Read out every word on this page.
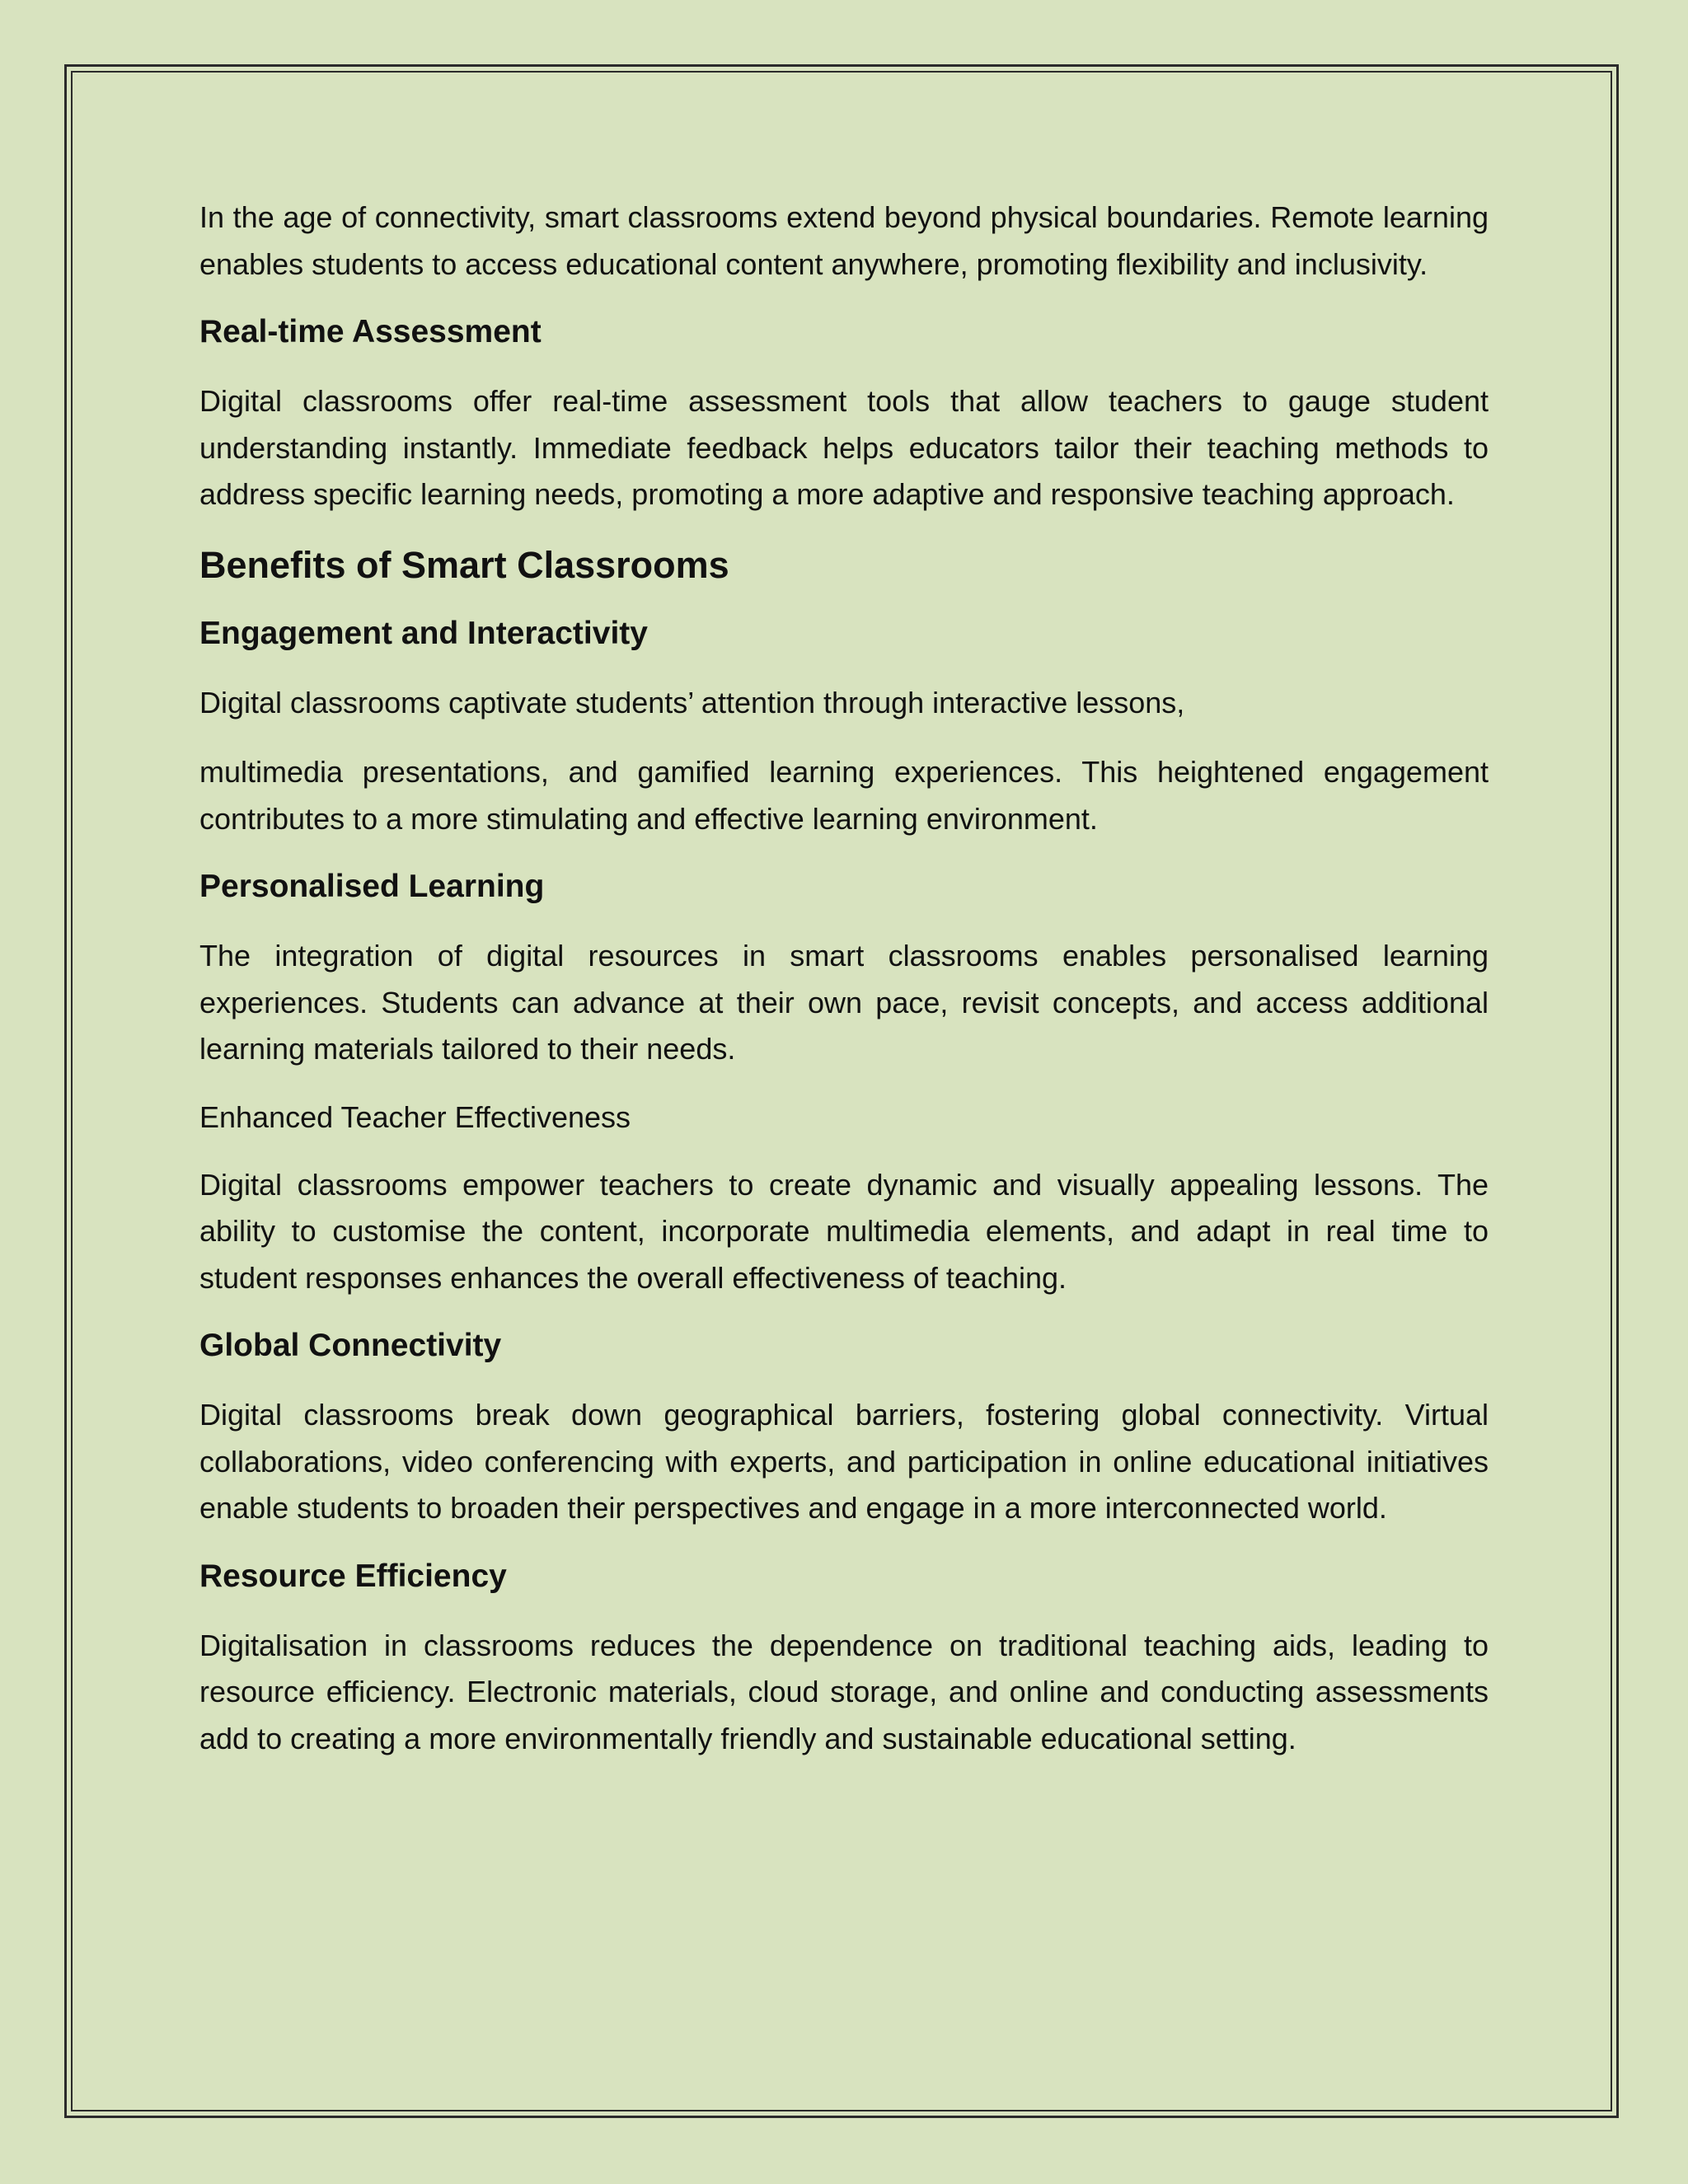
In the age of connectivity, smart classrooms extend beyond physical boundaries. Remote learning enables students to access educational content anywhere, promoting flexibility and inclusivity.

Real-time Assessment

Digital classrooms offer real-time assessment tools that allow teachers to gauge student understanding instantly. Immediate feedback helps educators tailor their teaching methods to address specific learning needs, promoting a more adaptive and responsive teaching approach.

Benefits of Smart Classrooms
Engagement and Interactivity

Digital classrooms captivate students’ attention through interactive lessons,

multimedia presentations, and gamified learning experiences. This heightened engagement contributes to a more stimulating and effective learning environment.

Personalised Learning

The integration of digital resources in smart classrooms enables personalised learning experiences. Students can advance at their own pace, revisit concepts, and access additional learning materials tailored to their needs.

Enhanced Teacher Effectiveness

Digital classrooms empower teachers to create dynamic and visually appealing lessons. The ability to customise the content, incorporate multimedia elements, and adapt in real time to student responses enhances the overall effectiveness of teaching.

Global Connectivity

Digital classrooms break down geographical barriers, fostering global connectivity. Virtual collaborations, video conferencing with experts, and participation in online educational initiatives enable students to broaden their perspectives and engage in a more interconnected world.

Resource Efficiency

Digitalisation in classrooms reduces the dependence on traditional teaching aids, leading to resource efficiency. Electronic materials, cloud storage, and online and conducting assessments add to creating a more environmentally friendly and sustainable educational setting.
